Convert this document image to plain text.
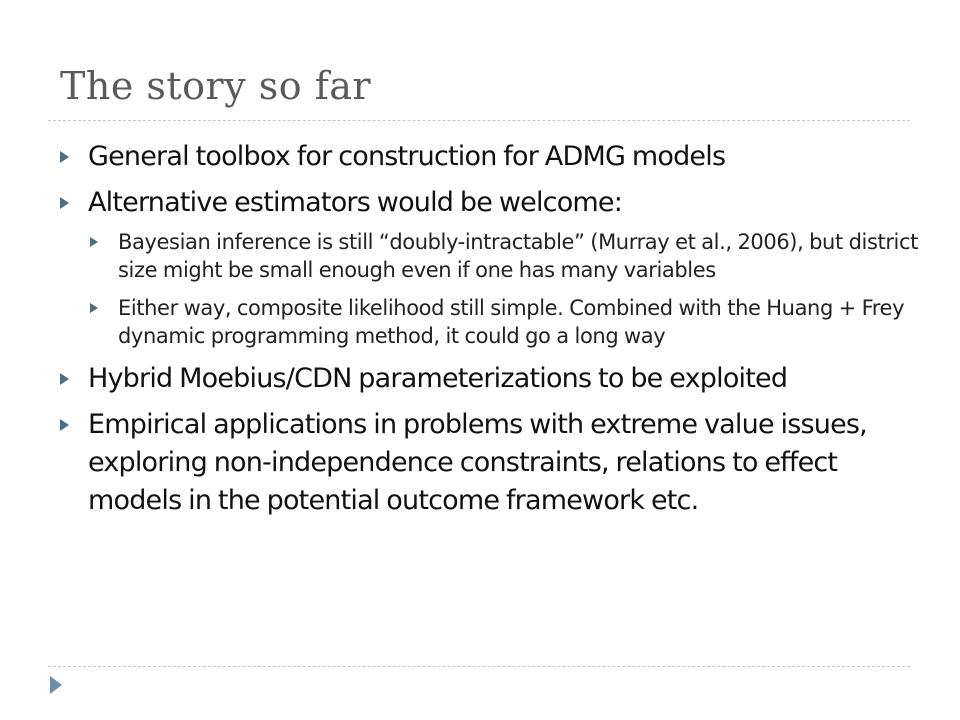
The story so far
General toolbox for construction for ADMG models
Alternative estimators would be welcome:
Bayesian inference is still “doubly-intractable” (Murray et al., 2006), but district size might be small enough even if one has many variables
Either way, composite likelihood still simple. Combined with the Huang + Frey dynamic programming method, it could go a long way
Hybrid Moebius/CDN parameterizations to be exploited
Empirical applications in problems with extreme value issues, exploring non-independence constraints, relations to effect models in the potential outcome framework etc.
